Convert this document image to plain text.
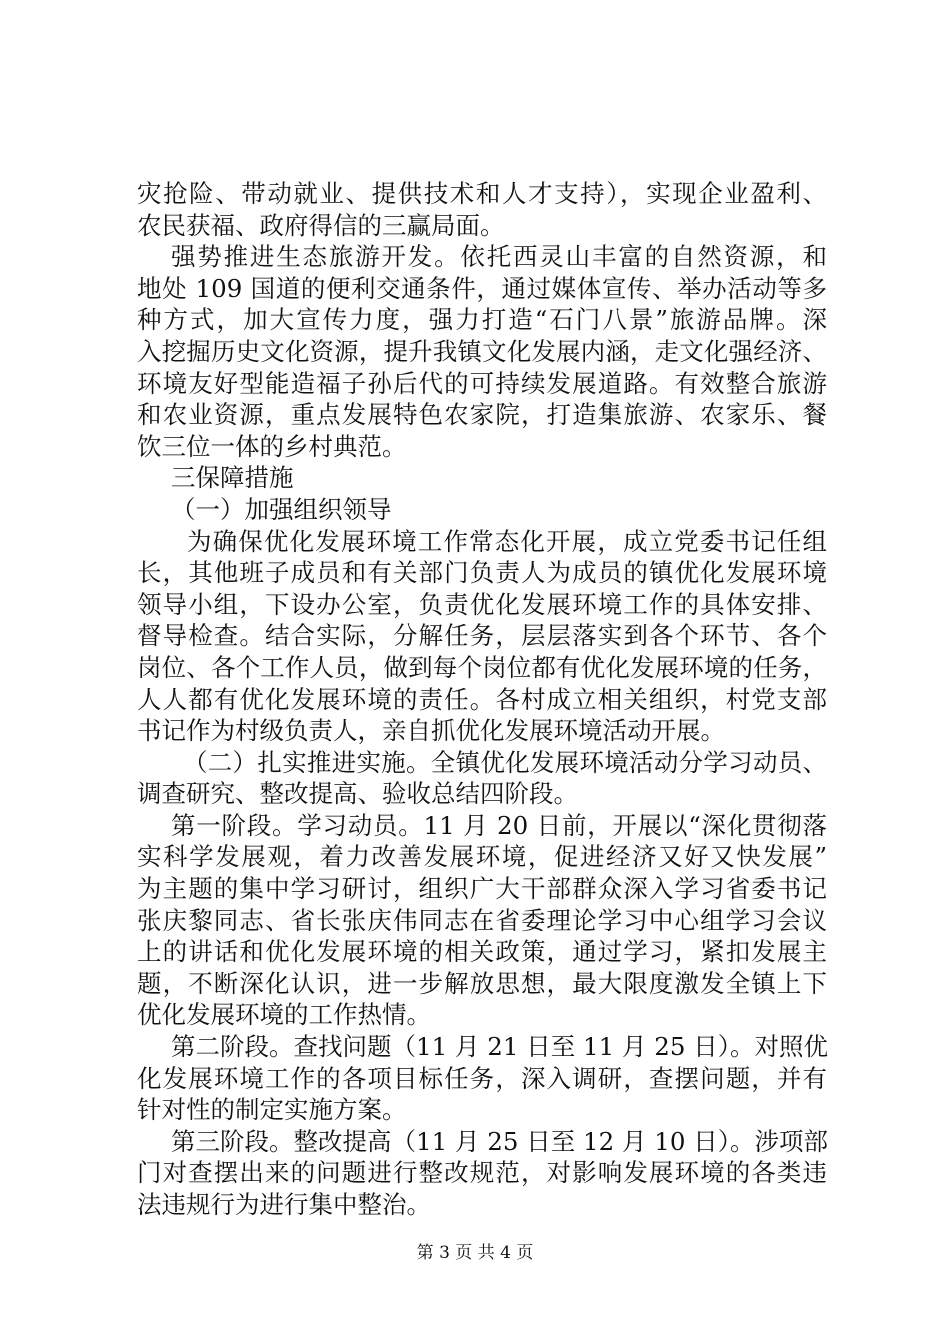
灾抢险、带动就业、提供技术和人才支持），实现企业盈利、
农民获福、政府得信的三赢局面。
强势推进生态旅游开发。依托西灵山丰富的自然资源，和
地处 109 国道的便利交通条件，通过媒体宣传、举办活动等多
种方式，加大宣传力度，强力打造“石门八景”旅游品牌。深
入挖掘历史文化资源，提升我镇文化发展内涵，走文化强经济、
环境友好型能造福子孙后代的可持续发展道路。有效整合旅游
和农业资源，重点发展特色农家院，打造集旅游、农家乐、餐
饮三位一体的乡村典范。
三保障措施
（一）加强组织领导
为确保优化发展环境工作常态化开展，成立党委书记任组
长，其他班子成员和有关部门负责人为成员的镇优化发展环境
领导小组，下设办公室，负责优化发展环境工作的具体安排、
督导检查。结合实际，分解任务，层层落实到各个环节、各个
岗位、各个工作人员，做到每个岗位都有优化发展环境的任务，
人人都有优化发展环境的责任。各村成立相关组织，村党支部
书记作为村级负责人，亲自抓优化发展环境活动开展。
（二）扎实推进实施。全镇优化发展环境活动分学习动员、
调查研究、整改提高、验收总结四阶段。
第一阶段。学习动员。11 月 20 日前，开展以“深化贯彻落
实科学发展观，着力改善发展环境，促进经济又好又快发展”
为主题的集中学习研讨，组织广大干部群众深入学习省委书记
张庆黎同志、省长张庆伟同志在省委理论学习中心组学习会议
上的讲话和优化发展环境的相关政策，通过学习，紧扣发展主
题，不断深化认识，进一步解放思想，最大限度激发全镇上下
优化发展环境的工作热情。
第二阶段。查找问题（11 月 21 日至 11 月 25 日）。对照优
化发展环境工作的各项目标任务，深入调研，查摆问题，并有
针对性的制定实施方案。
第三阶段。整改提高（11 月 25 日至 12 月 10 日）。涉项部
门对查摆出来的问题进行整改规范，对影响发展环境的各类违
法违规行为进行集中整治。
第 3 页 共 4 页
